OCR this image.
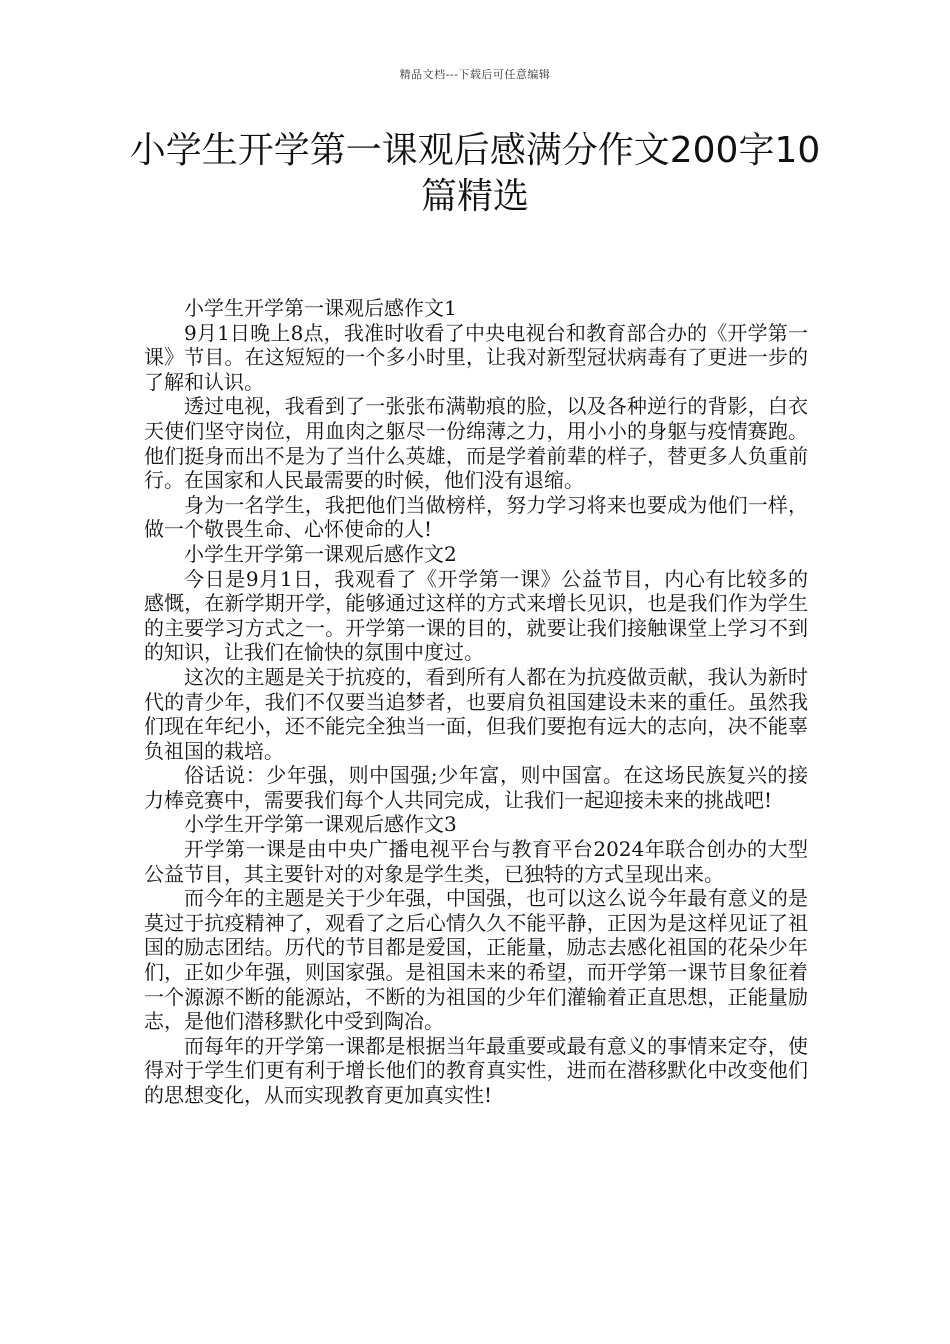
精品文档---下载后可任意编辑
小学生开学第一课观后感满分作文200字10篇精选

小学生开学第一课观后感作文1

9月1日晚上8点，我准时收看了中央电视台和教育部合办的《开学第一课》节目。在这短短的一个多小时里，让我对新型冠状病毒有了更进一步的了解和认识。

透过电视，我看到了一张张布满勒痕的脸，以及各种逆行的背影，白衣天使们坚守岗位，用血肉之躯尽一份绵薄之力，用小小的身躯与疫情赛跑。他们挺身而出不是为了当什么英雄，而是学着前辈的样子，替更多人负重前行。在国家和人民最需要的时候，他们没有退缩。

身为一名学生，我把他们当做榜样，努力学习将来也要成为他们一样，做一个敬畏生命、心怀使命的人!

小学生开学第一课观后感作文2

今日是9月1日，我观看了《开学第一课》公益节目，内心有比较多的感慨，在新学期开学，能够通过这样的方式来增长见识，也是我们作为学生的主要学习方式之一。开学第一课的目的，就要让我们接触课堂上学习不到的知识，让我们在愉快的氛围中度过。

这次的主题是关于抗疫的，看到所有人都在为抗疫做贡献，我认为新时代的青少年，我们不仅要当追梦者，也要肩负祖国建设未来的重任。虽然我们现在年纪小，还不能完全独当一面，但我们要抱有远大的志向，决不能辜负祖国的栽培。

俗话说：少年强，则中国强;少年富，则中国富。在这场民族复兴的接力棒竞赛中，需要我们每个人共同完成，让我们一起迎接未来的挑战吧!

小学生开学第一课观后感作文3

开学第一课是由中央广播电视平台与教育平台2024年联合创办的大型公益节目，其主要针对的对象是学生类，已独特的方式呈现出来。

而今年的主题是关于少年强，中国强，也可以这么说今年最有意义的是莫过于抗疫精神了，观看了之后心情久久不能平静，正因为是这样见证了祖国的励志团结。历代的节目都是爱国，正能量，励志去感化祖国的花朵少年们，正如少年强，则国家强。是祖国未来的希望，而开学第一课节目象征着一个源源不断的能源站，不断的为祖国的少年们灌输着正直思想，正能量励志，是他们潜移默化中受到陶冶。

而每年的开学第一课都是根据当年最重要或最有意义的事情来定夺，使得对于学生们更有利于增长他们的教育真实性，进而在潜移默化中改变他们的思想变化，从而实现教育更加真实性!
